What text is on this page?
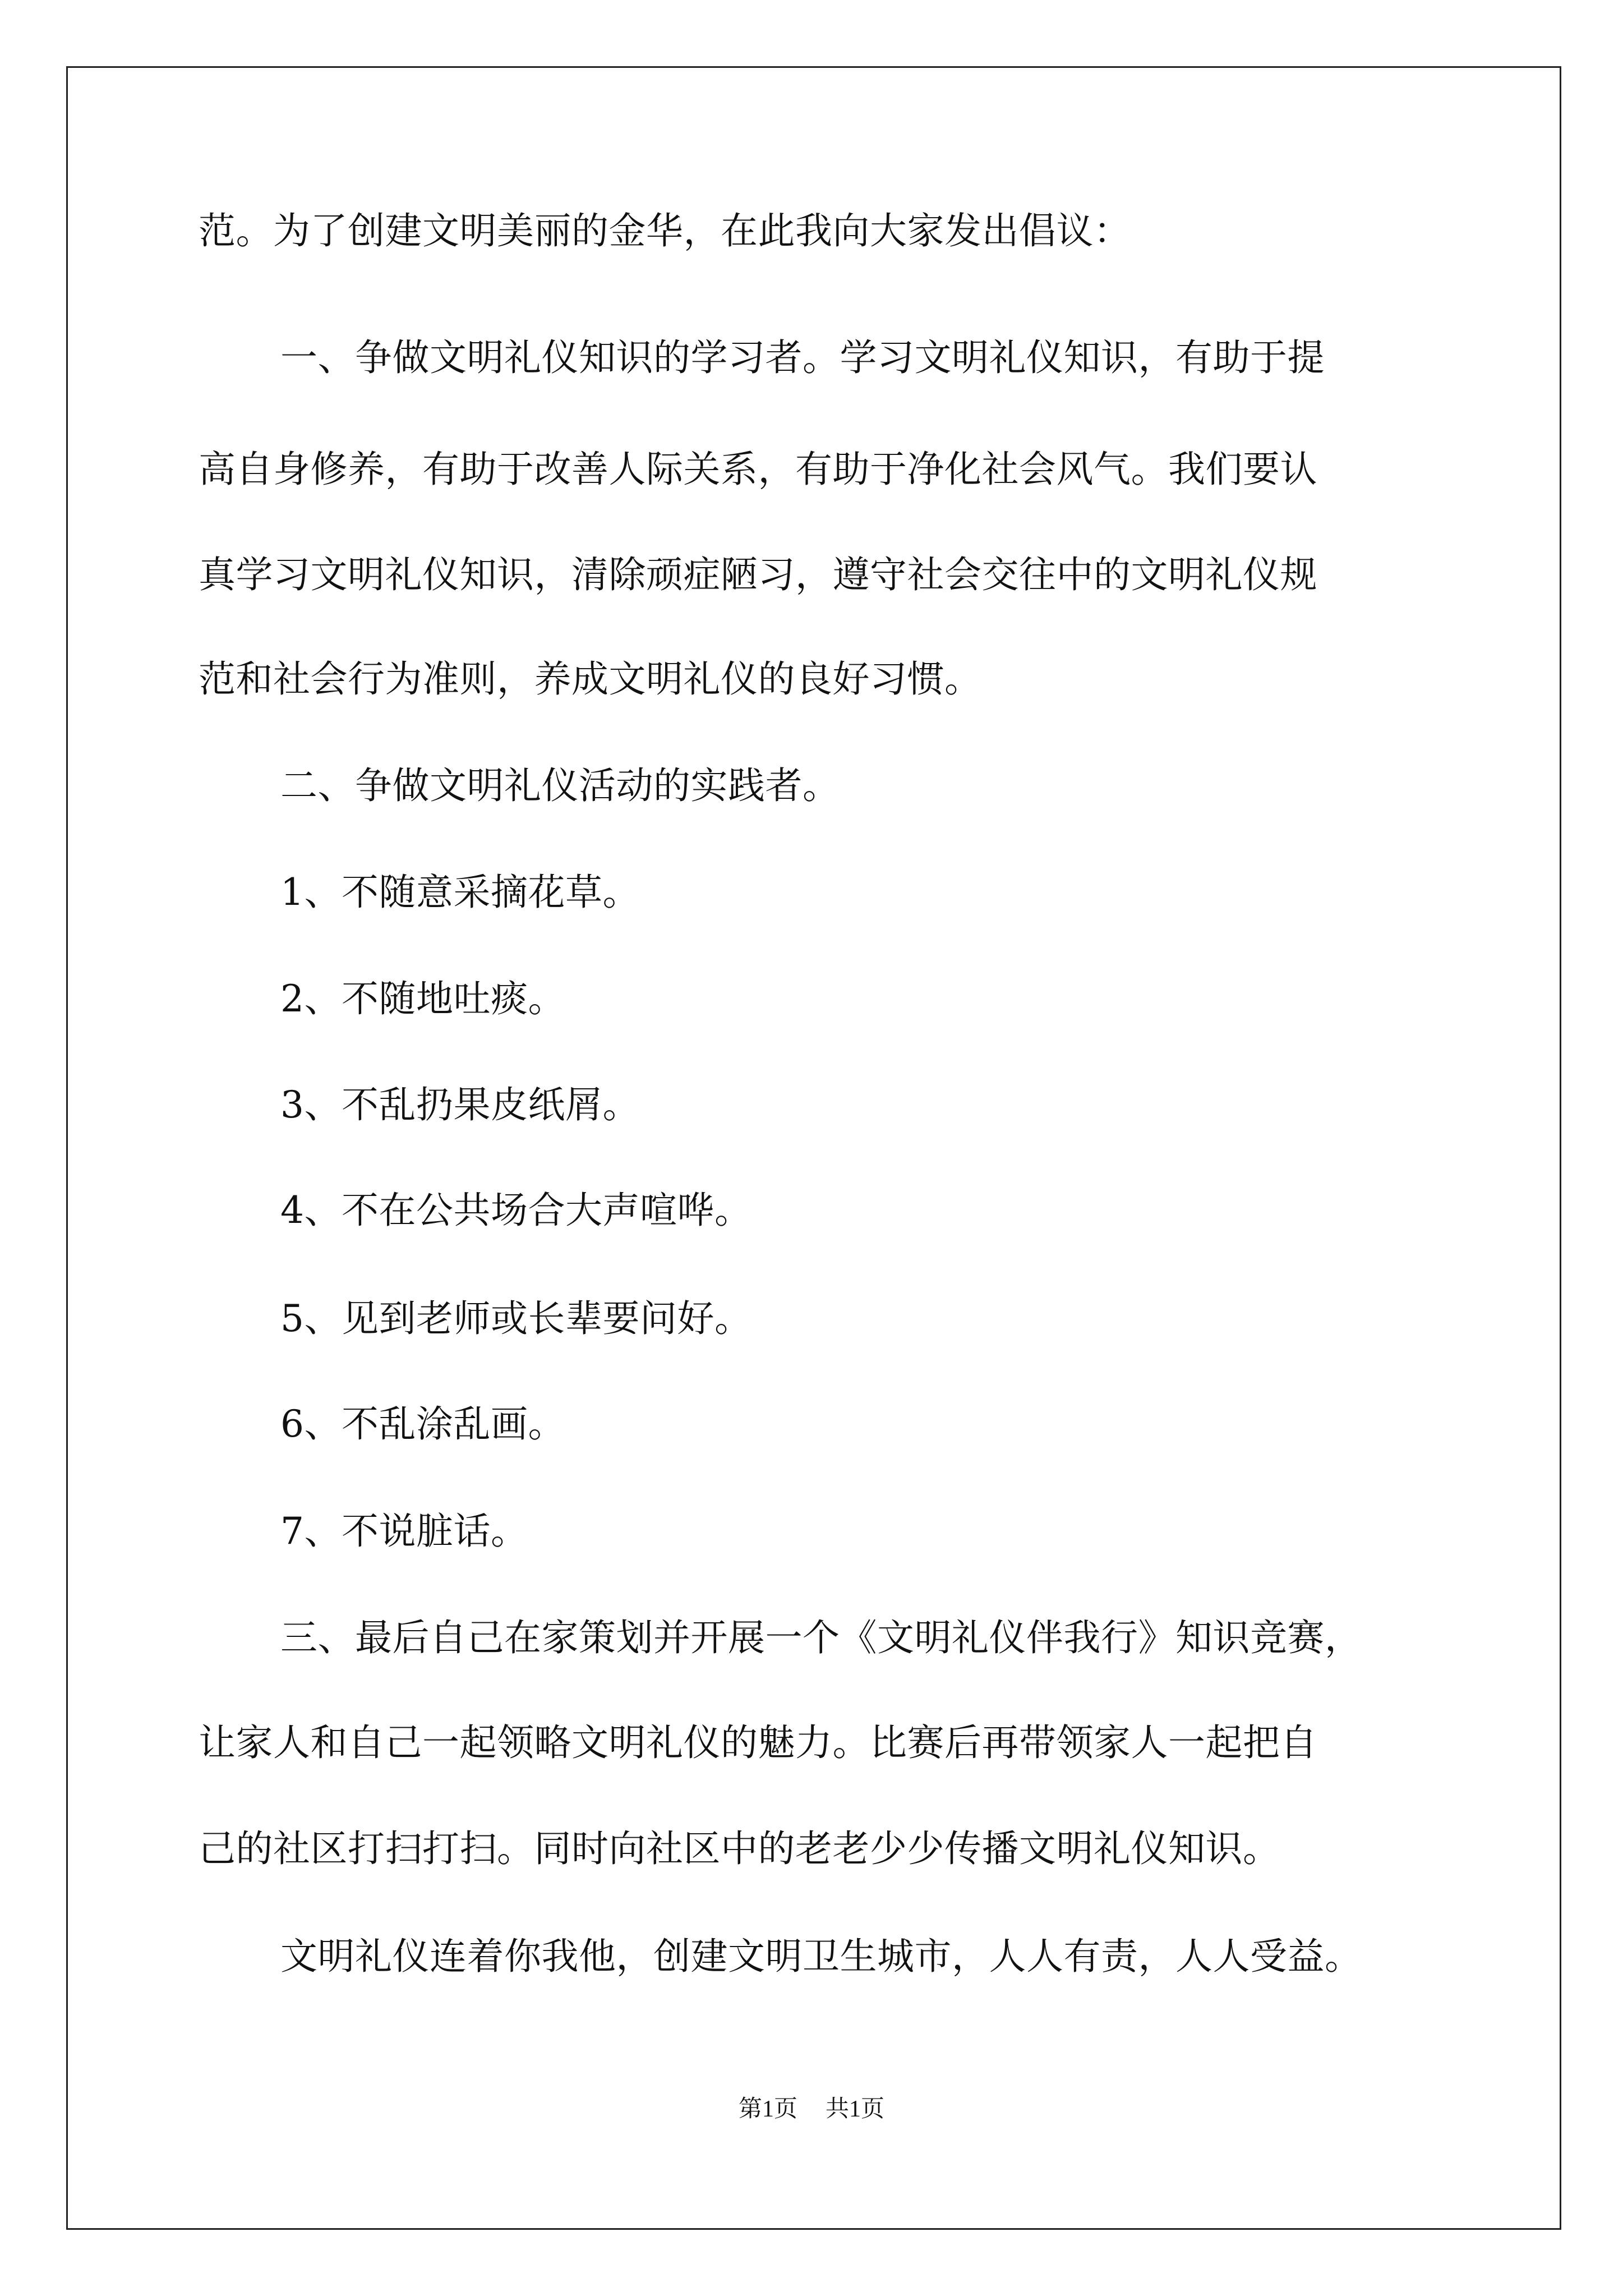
范。为了创建文明美丽的金华，在此我向大家发出倡议：
一、争做文明礼仪知识的学习者。学习文明礼仪知识，有助于提
高自身修养，有助于改善人际关系，有助于净化社会风气。我们要认
真学习文明礼仪知识，清除顽症陋习，遵守社会交往中的文明礼仪规
范和社会行为准则，养成文明礼仪的良好习惯。
二、争做文明礼仪活动的实践者。
1、不随意采摘花草。
2、不随地吐痰。
3、不乱扔果皮纸屑。
4、不在公共场合大声喧哗。
5、见到老师或长辈要问好。
6、不乱涂乱画。
7、不说脏话。
三、最后自己在家策划并开展一个《文明礼仪伴我行》知识竞赛，
让家人和自己一起领略文明礼仪的魅力。比赛后再带领家人一起把自
己的社区打扫打扫。同时向社区中的老老少少传播文明礼仪知识。
文明礼仪连着你我他，创建文明卫生城市，人人有责，人人受益。
第1页 共1页
